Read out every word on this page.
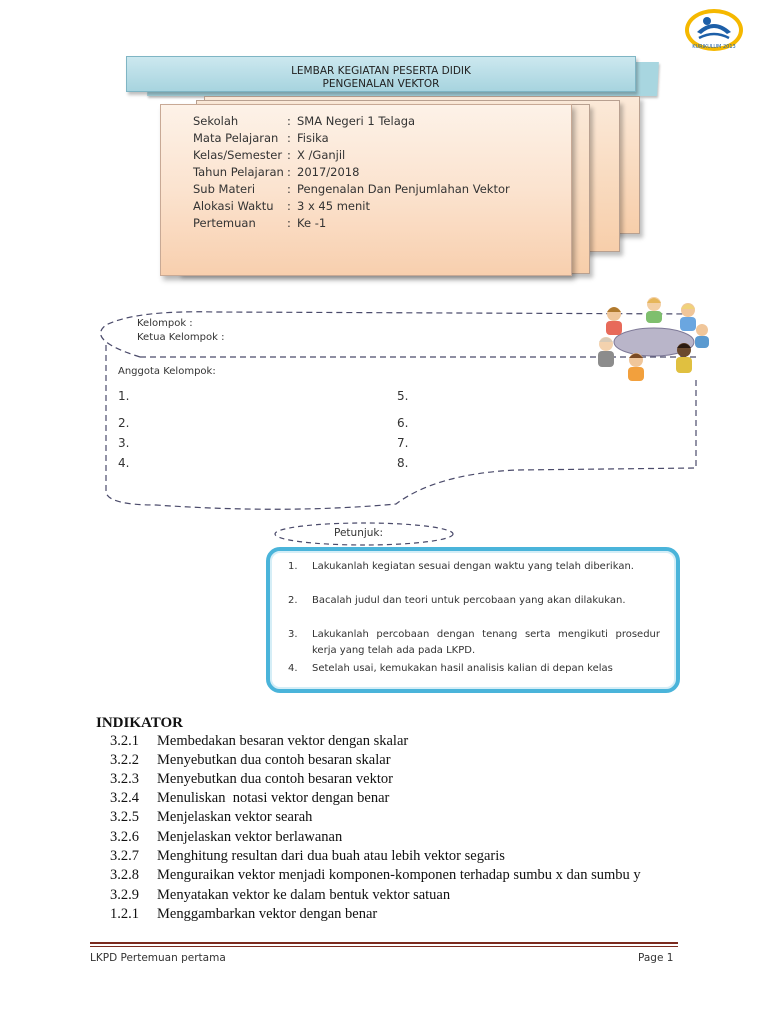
KURIKULUM 2013
LEMBAR KEGIATAN PESERTA DIDIK
PENGENALAN VEKTOR
Sekolah	: SMA Negeri 1 Telaga
Mata Pelajaran : Fisika
Kelas/Semester : X /Ganjil
Tahun Pelajaran : 2017/2018
Sub Materi	: Pengenalan Dan Penjumlahan Vektor
Alokasi Waktu : 3 x 45 menit
Pertemuan	: Ke -1
Kelompok :
Ketua Kelompok :
Anggota Kelompok:
1.
2.
3.
4.
5.
6.
7.
8.
Petunjuk:
1. Lakukanlah kegiatan sesuai dengan waktu yang telah diberikan.
2. Bacalah judul dan teori untuk percobaan yang akan dilakukan.
3. Lakukanlah percobaan dengan tenang serta mengikuti prosedur kerja yang telah ada pada LKPD.
4. Setelah usai, kemukakan hasil analisis kalian di depan kelas
INDIKATOR
3.2.1 Membedakan besaran vektor dengan skalar
3.2.2 Menyebutkan dua contoh besaran skalar
3.2.3 Menyebutkan dua contoh besaran vektor
3.2.4 Menuliskan  notasi vektor dengan benar
3.2.5 Menjelaskan vektor searah
3.2.6 Menjelaskan vektor berlawanan
3.2.7 Menghitung resultan dari dua buah atau lebih vektor segaris
3.2.8 Menguraikan vektor menjadi komponen-komponen terhadap sumbu x dan sumbu y
3.2.9 Menyatakan vektor ke dalam bentuk vektor satuan
1.2.1 Menggambarkan vektor dengan benar
LKPD Pertemuan pertama	Page 1
